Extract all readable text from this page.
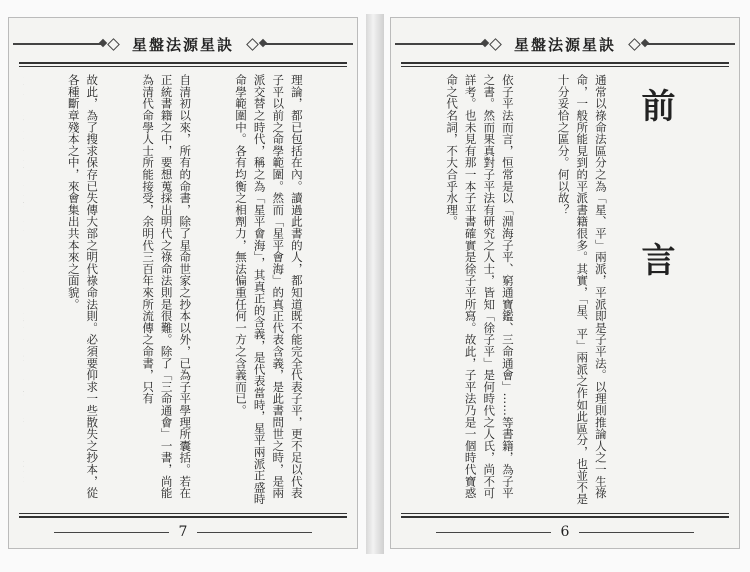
星盤法源星訣

理論，都已包括在內。讀過此書的人，都知道既不能完全代表子平，更不足以代表子平以前之命學範圍。然而「星平會海」的真正代表含義，是此書問世之時，是兩派交替之時代，稱之為「星平會海」，其真正的含義，是代表當時，星平兩派正盛時命學範圍中。各有均衡之相劑力，無法偏重任何一方之含義而已。

自清初以來，所有的命書，除了星命世家之抄本以外，已為子平學理所囊括。若在正統書籍之中，要想蒐採出明代之祿命法則是很難。除了「三命通會」一書，尚能為清代命學人士所能接受，余明代三百年來所流傳之命書，只有

故此，為了搜求保存已失傳大部之明代祿命法則。必須要仰求一些散失之抄本，從各種斷章殘本之中，來會集出共本來之面貌。

7
星盤法源星訣
前言

通常以祿命法區分之為「星、平」兩派，平派即是子平法。以理則推論人之一生祿命，一般所能見到的平派書籍很多。其實，「星、平」兩派之作如此區分，也並不是十分妥恰之區分。何以故？

依子平法而言，恒常是以「淵海子平、窮通寶鑑、三命通會」……等書籍，為子平之書。然而果真對子平法有研究之人士，皆知「徐子平」是何時代之人氏，尚不可詳考。也未見有那一本子平書確實是徐子平所寫。故此，子平法乃是一個時代寶惑命之代名詞，不大合乎水理。

6
